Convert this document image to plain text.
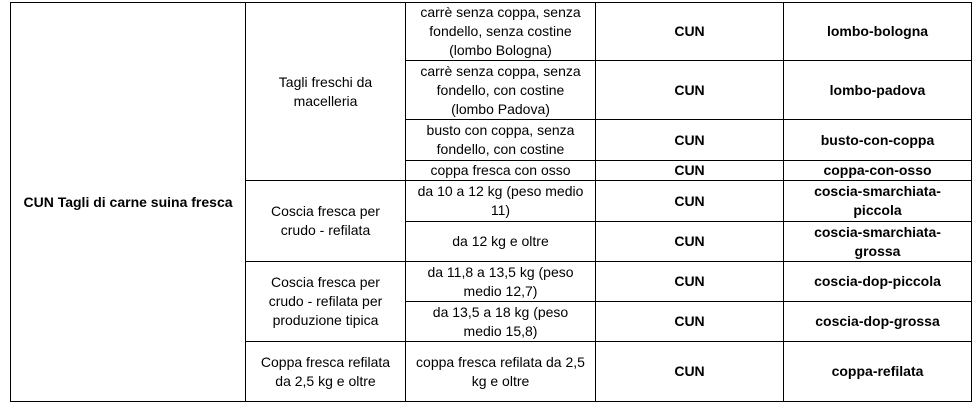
CUN Tagli di carne suina fresca	Tagli freschi da macelleria	carrè senza coppa, senza fondello, senza costine (lombo Bologna)	CUN	lombo-bologna
		carrè senza coppa, senza fondello, con costine (lombo Padova)	CUN	lombo-padova
		busto con coppa, senza fondello, con costine	CUN	busto-con-coppa
		coppa fresca con osso	CUN	coppa-con-osso
	Coscia fresca per crudo - refilata	da 10 a 12 kg (peso medio 11)	CUN	coscia-smarchiata-piccola
		da 12 kg e oltre	CUN	coscia-smarchiata-grossa
	Coscia fresca per crudo - refilata per produzione tipica	da 11,8 a 13,5 kg (peso medio 12,7)	CUN	coscia-dop-piccola
		da 13,5 a 18 kg (peso medio 15,8)	CUN	coscia-dop-grossa
	Coppa fresca refilata da 2,5 kg e oltre	coppa fresca refilata da 2,5 kg e oltre	CUN	coppa-refilata
